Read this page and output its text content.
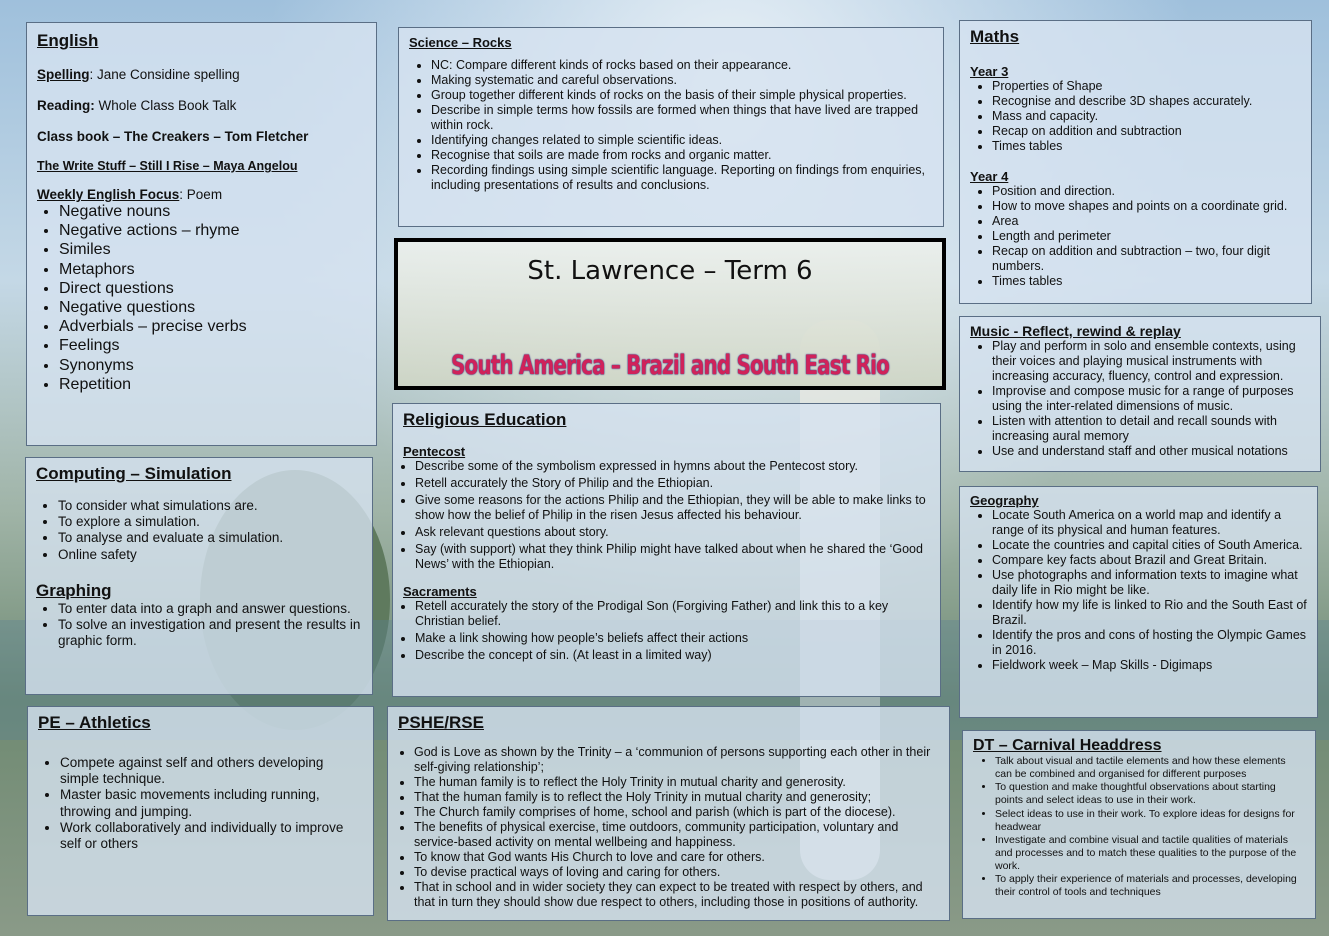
English
Spelling: Jane Considine spelling
Reading: Whole Class Book Talk
Class book – The Creakers – Tom Fletcher
The Write Stuff – Still I Rise – Maya Angelou
Weekly English Focus: Poem
• Negative nouns
• Negative actions – rhyme
• Similes
• Metaphors
• Direct questions
• Negative questions
• Adverbials – precise verbs
• Feelings
• Synonyms
• Repetition
Computing – Simulation
• To consider what simulations are.
• To explore a simulation.
• To analyse and evaluate a simulation.
• Online safety
Graphing
• To enter data into a graph and answer questions.
• To solve an investigation and present the results in graphic form.
PE – Athletics
• Compete against self and others developing simple technique.
• Master basic movements including running, throwing and jumping.
• Work collaboratively and individually to improve self or others
Science – Rocks
• NC: Compare different kinds of rocks based on their appearance.
• Making systematic and careful observations.
• Group together different kinds of rocks on the basis of their simple physical properties.
• Describe in simple terms how fossils are formed when things that have lived are trapped within rock.
• Identifying changes related to simple scientific ideas.
• Recognise that soils are made from rocks and organic matter.
• Recording findings using simple scientific language. Reporting on findings from enquiries, including presentations of results and conclusions.
St. Lawrence – Term 6
South America – Brazil and South East Rio
Religious Education
Pentecost
• Describe some of the symbolism expressed in hymns about the Pentecost story.
• Retell accurately the Story of Philip and the Ethiopian.
• Give some reasons for the actions Philip and the Ethiopian, they will be able to make links to show how the belief of Philip in the risen Jesus affected his behaviour.
• Ask relevant questions about story.
• Say (with support) what they think Philip might have talked about when he shared the ‘Good News’ with the Ethiopian.
Sacraments
• Retell accurately the story of the Prodigal Son (Forgiving Father) and link this to a key Christian belief.
• Make a link showing how people’s beliefs affect their actions
• Describe the concept of sin. (At least in a limited way)
PSHE/RSE
• God is Love as shown by the Trinity – a ‘communion of persons supporting each other in their self-giving relationship’;
• The human family is to reflect the Holy Trinity in mutual charity and generosity.
• That the human family is to reflect the Holy Trinity in mutual charity and generosity;
• The Church family comprises of home, school and parish (which is part of the diocese).
• The benefits of physical exercise, time outdoors, community participation, voluntary and service-based activity on mental wellbeing and happiness.
• To know that God wants His Church to love and care for others.
• To devise practical ways of loving and caring for others.
• That in school and in wider society they can expect to be treated with respect by others, and that in turn they should show due respect to others, including those in positions of authority.
Maths
Year 3
• Properties of Shape
• Recognise and describe 3D shapes accurately.
• Mass and capacity.
• Recap on addition and subtraction
• Times tables
Year 4
• Position and direction.
• How to move shapes and points on a coordinate grid.
• Area
• Length and perimeter
• Recap on addition and subtraction – two, four digit numbers.
• Times tables
Music - Reflect, rewind & replay
• Play and perform in solo and ensemble contexts, using their voices and playing musical instruments with increasing accuracy, fluency, control and expression.
• Improvise and compose music for a range of purposes using the inter-related dimensions of music.
• Listen with attention to detail and recall sounds with increasing aural memory
• Use and understand staff and other musical notations
Geography
• Locate South America on a world map and identify a range of its physical and human features.
• Locate the countries and capital cities of South America.
• Compare key facts about Brazil and Great Britain.
• Use photographs and information texts to imagine what daily life in Rio might be like.
• Identify how my life is linked to Rio and the South East of Brazil.
• Identify the pros and cons of hosting the Olympic Games in 2016.
• Fieldwork week – Map Skills - Digimaps
DT – Carnival Headdress
• Talk about visual and tactile elements and how these elements can be combined and organised for different purposes
• To question and make thoughtful observations about starting points and select ideas to use in their work.
• Select ideas to use in their work. To explore ideas for designs for headwear
• Investigate and combine visual and tactile qualities of materials and processes and to match these qualities to the purpose of the work.
• To apply their experience of materials and processes, developing their control of tools and techniques
